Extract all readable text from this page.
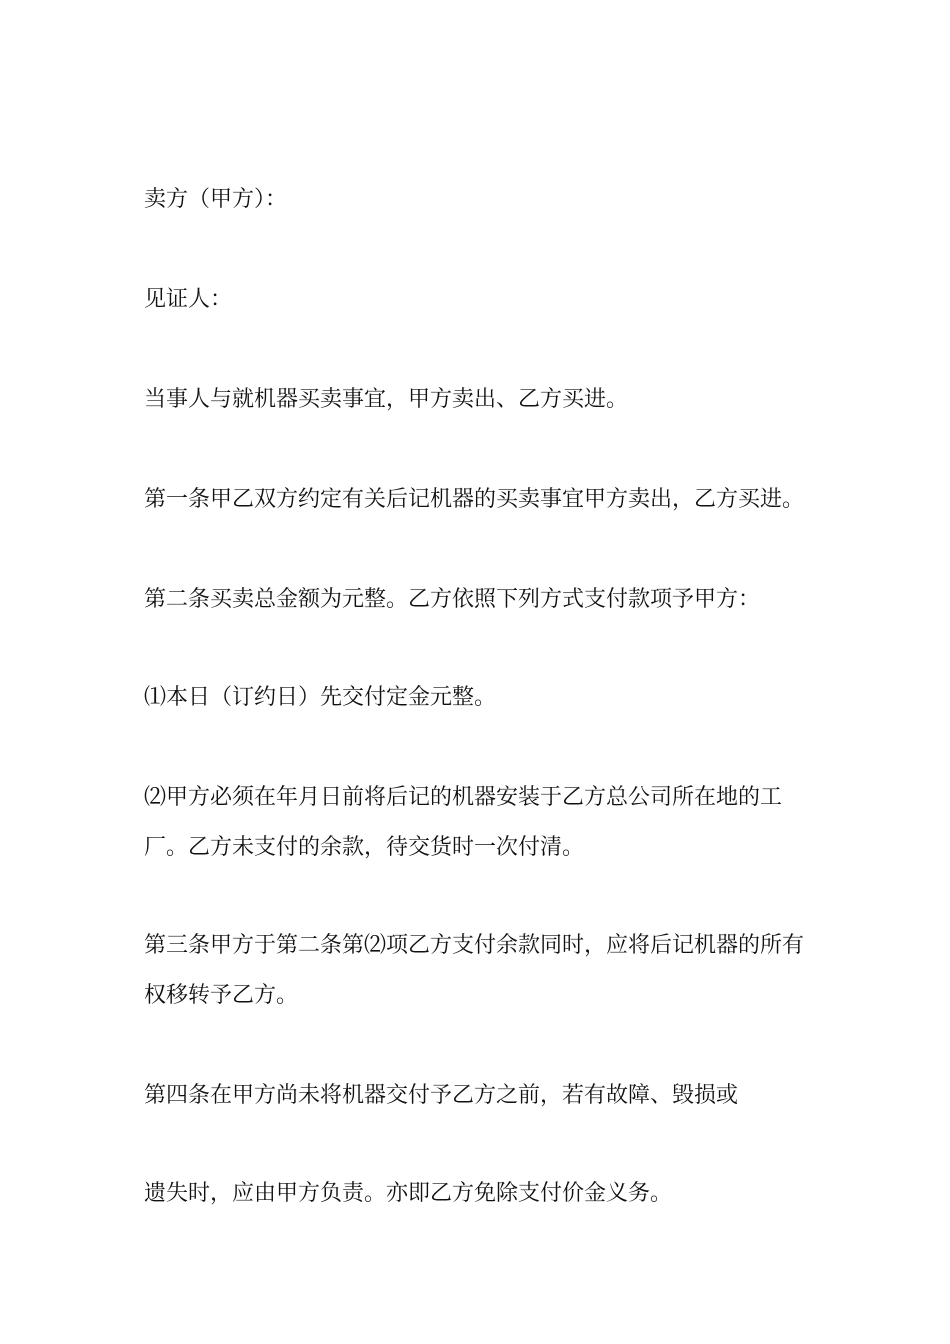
卖方（甲方）：
见证人：
当事人与就机器买卖事宜，甲方卖出、乙方买进。
第一条甲乙双方约定有关后记机器的买卖事宜甲方卖出，乙方买进。
第二条买卖总金额为元整。乙方依照下列方式支付款项予甲方：
⑴本日（订约日）先交付定金元整。
⑵甲方必须在年月日前将后记的机器安装于乙方总公司所在地的工厂。乙方未支付的余款，待交货时一次付清。
第三条甲方于第二条第⑵项乙方支付余款同时，应将后记机器的所有权移转予乙方。
第四条在甲方尚未将机器交付予乙方之前，若有故障、毁损或
遗失时，应由甲方负责。亦即乙方免除支付价金义务。
